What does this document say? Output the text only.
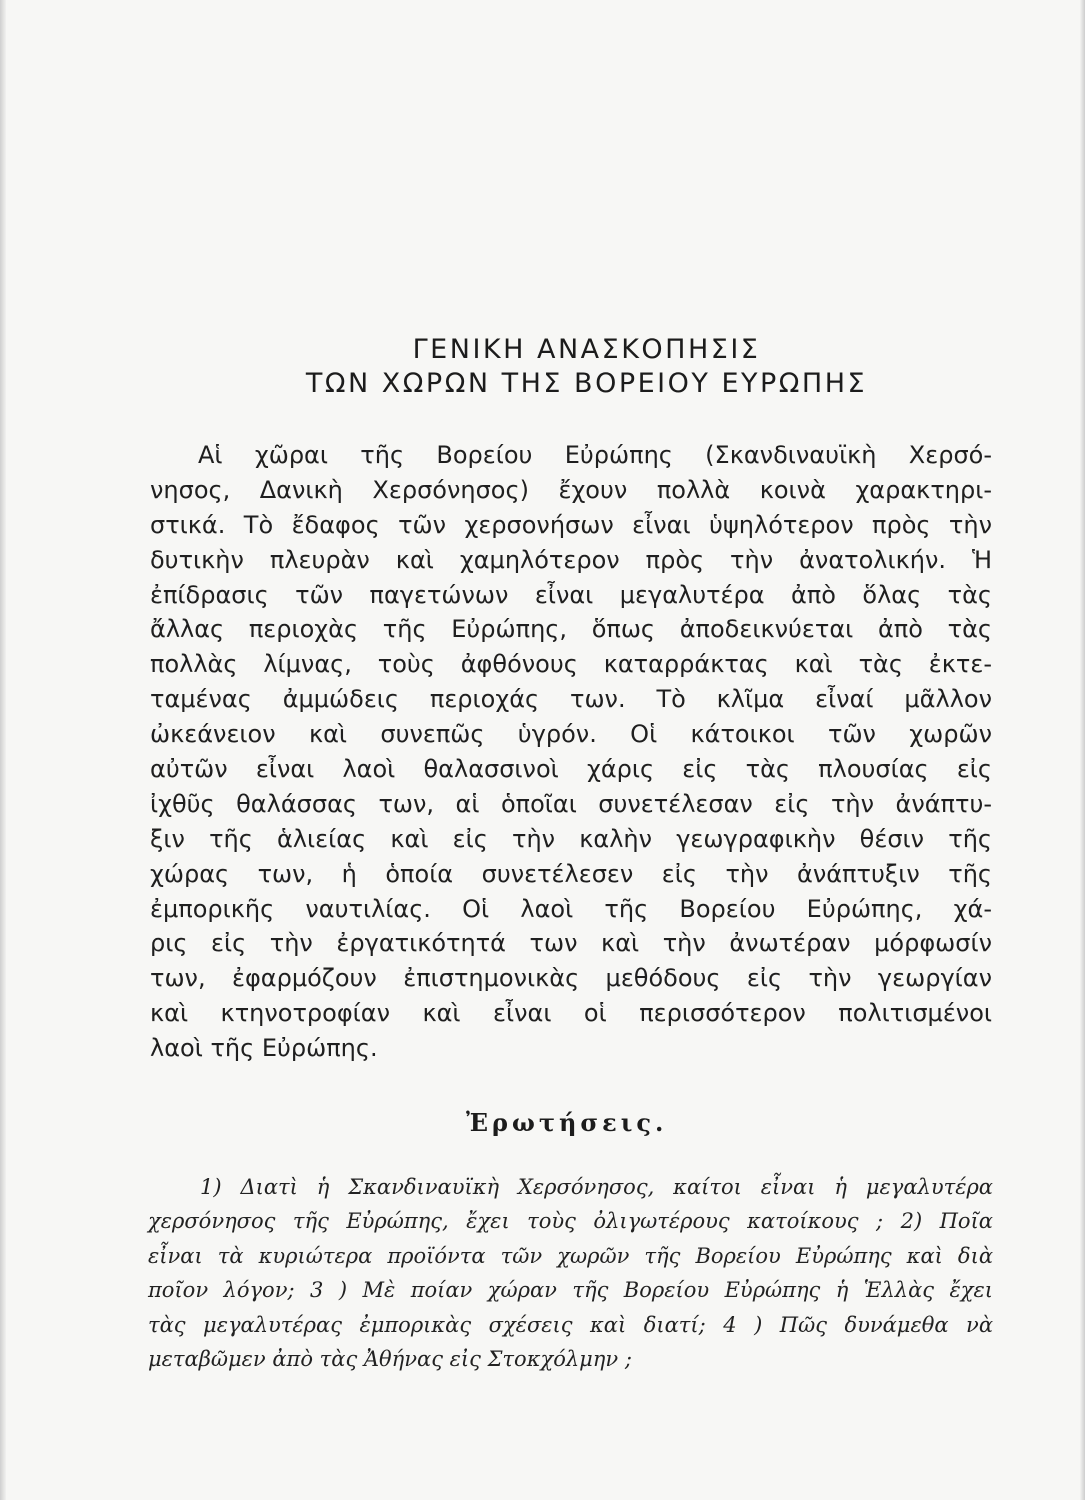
ΓΕΝΙΚΗ ΑΝΑΣΚΟΠΗΣΙΣ
ΤΩΝ ΧΩΡΩΝ ΤΗΣ ΒΟΡΕΙΟΥ ΕΥΡΩΠΗΣ
Αἱ χῶραι τῆς Βορείου Εὐρώπης (Σκανδιναυϊκὴ Χερσό-
νησος, Δανικὴ Χερσόνησος) ἔχουν πολλὰ κοινὰ χαρακτηρι-
στικά. Τὸ ἔδαφος τῶν χερσονήσων εἶναι ὑψηλότερον πρὸς τὴν
δυτικὴν πλευρὰν καὶ χαμηλότερον πρὸς τὴν ἀνατολικήν. Ἡ
ἐπίδρασις τῶν παγετώνων εἶναι μεγαλυτέρα ἀπὸ ὅλας τὰς
ἄλλας περιοχὰς τῆς Εὐρώπης, ὅπως ἀποδεικνύεται ἀπὸ τὰς
πολλὰς λίμνας, τοὺς ἀφθόνους καταρράκτας καὶ τὰς ἐκτε-
ταμένας ἀμμώδεις περιοχάς των. Τὸ κλῖμα εἶναί μᾶλλον
ὠκεάνειον καὶ συνεπῶς ὑγρόν. Οἱ κάτοικοι τῶν χωρῶν
αὐτῶν εἶναι λαοὶ θαλασσινοὶ χάρις εἰς τὰς πλουσίας εἰς
ἰχθῦς θαλάσσας των, αἱ ὁποῖαι συνετέλεσαν εἰς τὴν ἀνάπτυ-
ξιν τῆς ἁλιείας καὶ εἰς τὴν καλὴν γεωγραφικὴν θέσιν τῆς
χώρας των, ἡ ὁποία συνετέλεσεν εἰς τὴν ἀνάπτυξιν τῆς
ἐμπορικῆς ναυτιλίας. Οἱ λαοὶ τῆς Βορείου Εὐρώπης, χά-
ρις εἰς τὴν ἐργατικότητά των καὶ τὴν ἀνωτέραν μόρφωσίν
των, ἐφαρμόζουν ἐπιστημονικὰς μεθόδους εἰς τὴν γεωργίαν
καὶ κτηνοτροφίαν καὶ εἶναι οἱ περισσότερον πολιτισμένοι
λαοὶ τῆς Εὐρώπης.
Ἐρωτήσεις.
1) Διατὶ ἡ Σκανδιναυϊκὴ Χερσόνησος, καίτοι εἶναι ἡ μεγαλυτέρα
χερσόνησος τῆς Εὐρώπης, ἔχει τοὺς ὀλιγωτέρους κατοίκους ; 2) Ποῖα
εἶναι τὰ κυριώτερα προϊόντα τῶν χωρῶν τῆς Βορείου Εὐρώπης καὶ διὰ
ποῖον λόγον; 3 ) Μὲ ποίαν χώραν τῆς Βορείου Εὐρώπης ἡ Ἑλλὰς ἔχει
τὰς μεγαλυτέρας ἐμπορικὰς σχέσεις καὶ διατί; 4 ) Πῶς δυνάμεθα νὰ
μεταβῶμεν ἀπὸ τὰς Ἀθήνας εἰς Στοκχόλμην ;
